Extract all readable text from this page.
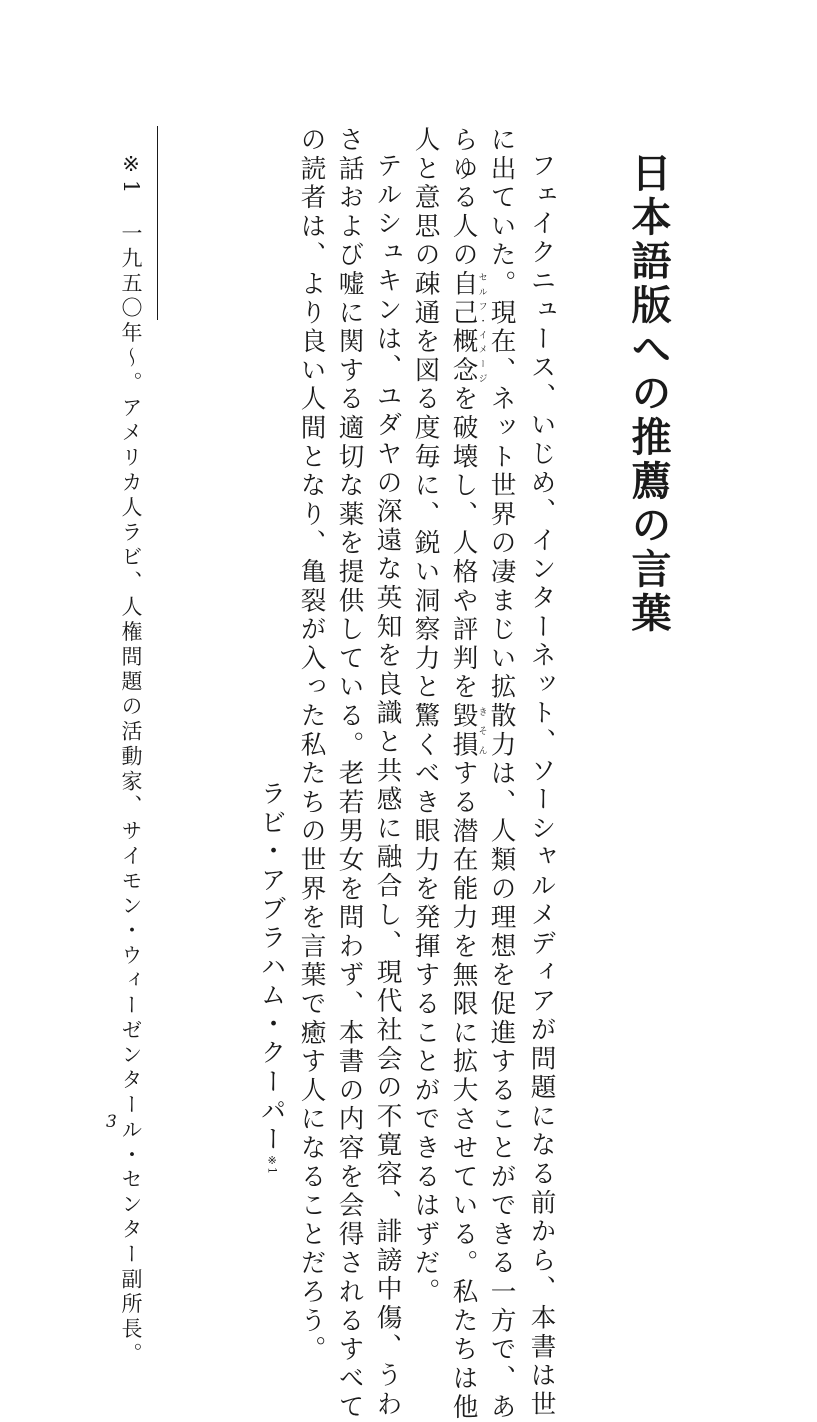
日本語版への推薦の言葉
フェイクニュース、いじめ、インターネット、ソーシャルメディアが問題になる前から、本書は世
に出ていた。現在、ネット世界の凄まじい拡散力は、人類の理想を促進することができる一方で、あ
らゆる人の自己概念セルフ・イメージを破壊し、人格や評判を毀損きそんする潜在能力を無限に拡大させている。私たちは他
人と意思の疎通を図る度毎に、鋭い洞察力と驚くべき眼力を発揮することができるはずだ。
テルシュキンは、ユダヤの深遠な英知を良識と共感に融合し、現代社会の不寛容、誹謗中傷、うわ
さ話および嘘に関する適切な薬を提供している。老若男女を問わず、本書の内容を会得されるすべて
の読者は、より良い人間となり、亀裂が入った私たちの世界を言葉で癒す人になることだろう。
ラビ・アブラハム・クーパー※1
※1　一九五〇年～。アメリカ人ラビ、人権問題の活動家、サイモン・ウィーゼンタール・センター副所長。
3
